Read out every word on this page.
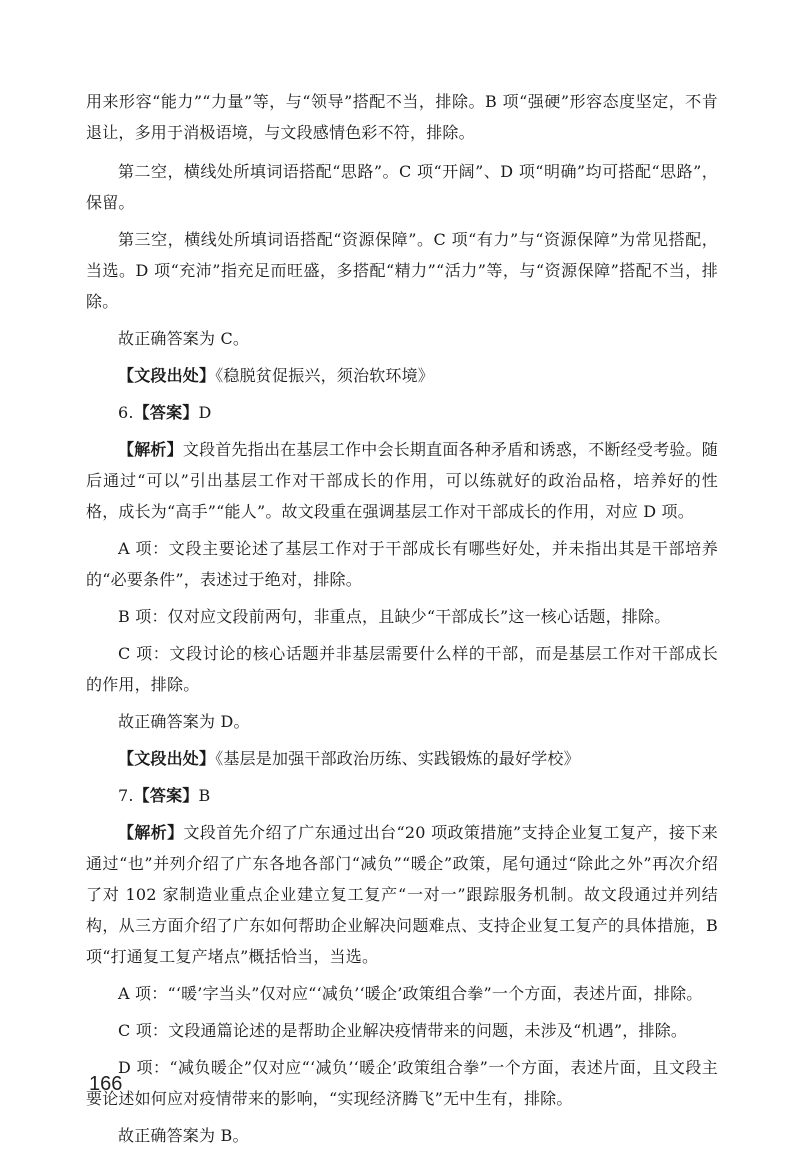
用来形容“能力”“力量”等，与“领导”搭配不当，排除。B 项“强硬”形容态度坚定，不肯退让，多用于消极语境，与文段感情色彩不符，排除。

第二空，横线处所填词语搭配“思路”。C 项“开阔”、D 项“明确”均可搭配“思路”，保留。

第三空，横线处所填词语搭配“资源保障”。C 项“有力”与“资源保障”为常见搭配，当选。D 项“充沛”指充足而旺盛，多搭配“精力”“活力”等，与“资源保障”搭配不当，排除。

故正确答案为 C。

【文段出处】《稳脱贫促振兴，须治软环境》

6.【答案】D

【解析】文段首先指出在基层工作中会长期直面各种矛盾和诱惑，不断经受考验。随后通过“可以”引出基层工作对干部成长的作用，可以练就好的政治品格，培养好的性格，成长为“高手”“能人”。故文段重在强调基层工作对干部成长的作用，对应 D 项。

A 项：文段主要论述了基层工作对于干部成长有哪些好处，并未指出其是干部培养的“必要条件”，表述过于绝对，排除。

B 项：仅对应文段前两句，非重点，且缺少“干部成长”这一核心话题，排除。

C 项：文段讨论的核心话题并非基层需要什么样的干部，而是基层工作对干部成长的作用，排除。

故正确答案为 D。

【文段出处】《基层是加强干部政治历练、实践锻炼的最好学校》

7.【答案】B

【解析】文段首先介绍了广东通过出台“20 项政策措施”支持企业复工复产，接下来通过“也”并列介绍了广东各地各部门“减负”“暖企”政策，尾句通过“除此之外”再次介绍了对 102 家制造业重点企业建立复工复产“一对一”跟踪服务机制。故文段通过并列结构，从三方面介绍了广东如何帮助企业解决问题难点、支持企业复工复产的具体措施，B 项“打通复工复产堵点”概括恰当，当选。

A 项：“‘暖’字当头”仅对应“‘减负’‘暖企’政策组合拳”一个方面，表述片面，排除。

C 项：文段通篇论述的是帮助企业解决疫情带来的问题，未涉及“机遇”，排除。

D 项：“减负暖企”仅对应“‘减负’‘暖企’政策组合拳”一个方面，表述片面，且文段主要论述如何应对疫情带来的影响，“实现经济腾飞”无中生有，排除。

故正确答案为 B。

166
